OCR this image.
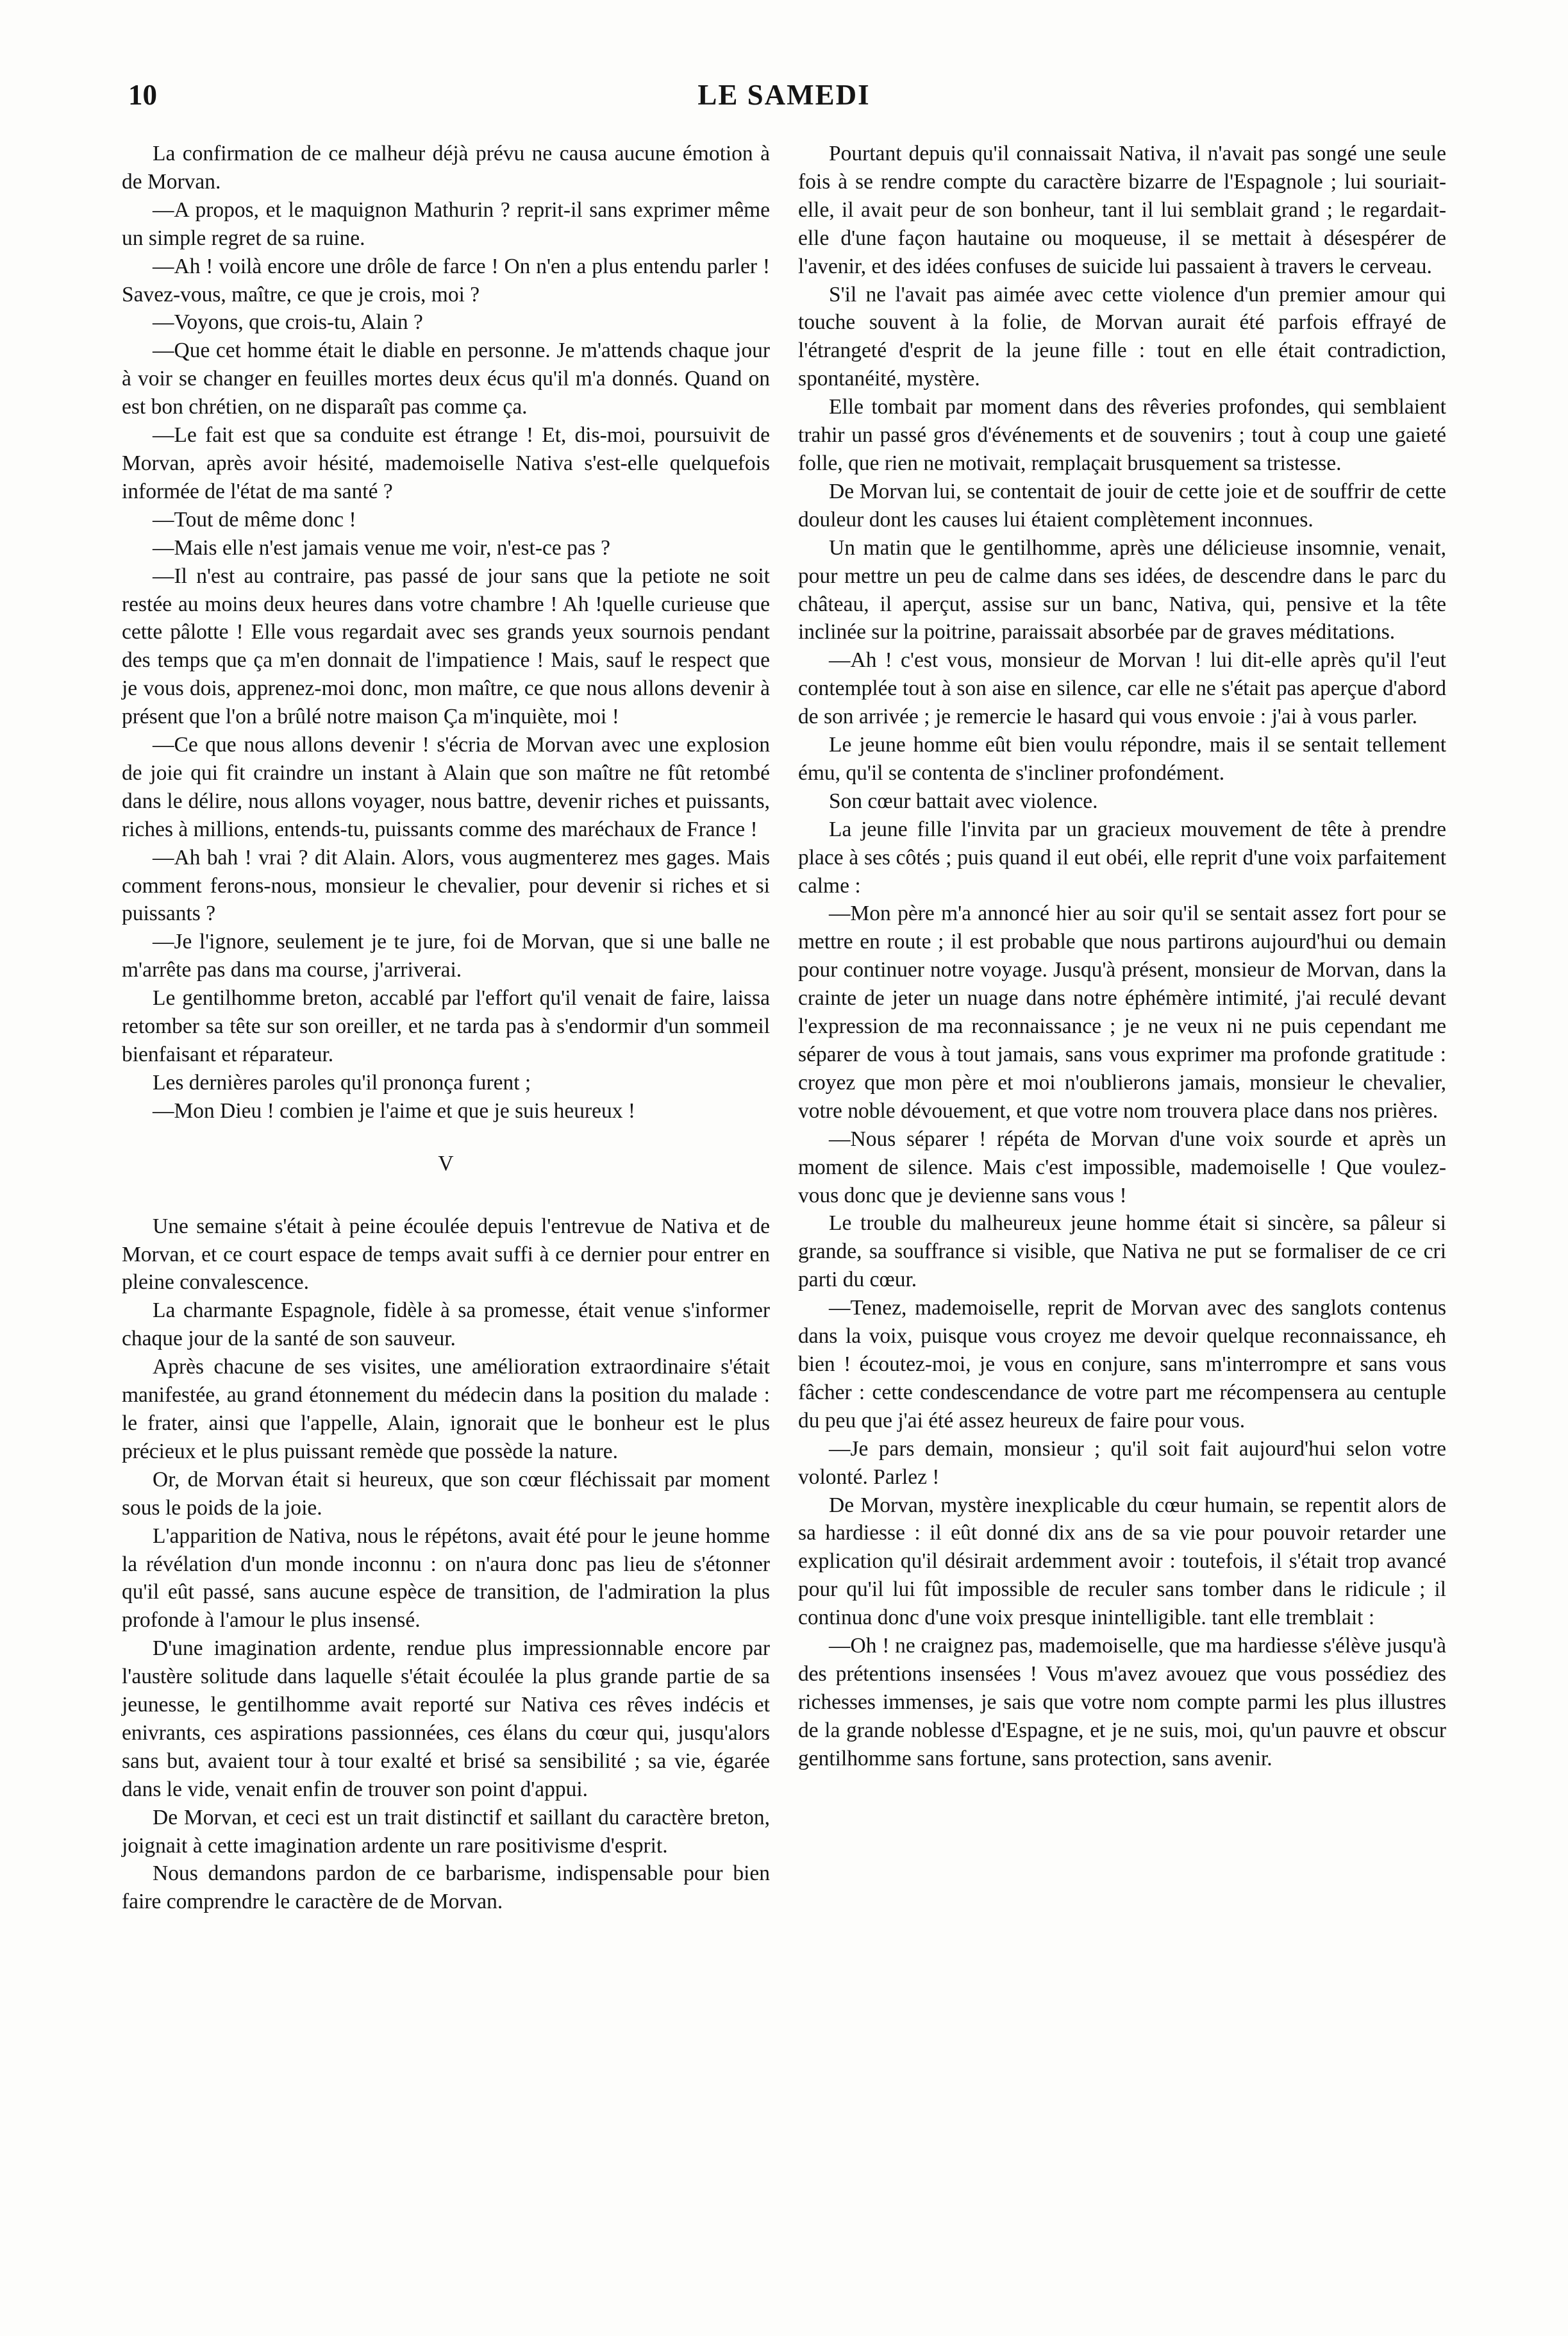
10	LE SAMEDI

La confirmation de ce malheur déjà prévu ne causa aucune émotion à de Morvan.

—A propos, et le maquignon Mathurin ? reprit-il sans exprimer même un simple regret de sa ruine.

—Ah ! voilà encore une drôle de farce ! On n'en a plus entendu parler ! Savez-vous, maître, ce que je crois, moi ?

—Voyons, que crois-tu, Alain ?

—Que cet homme était le diable en personne. Je m'attends chaque jour à voir se changer en feuilles mortes deux écus qu'il m'a donnés. Quand on est bon chrétien, on ne disparaît pas comme ça.

—Le fait est que sa conduite est étrange ! Et, dis-moi, poursuivit de Morvan, après avoir hésité, mademoiselle Nativa s'est-elle quelquefois informée de l'état de ma santé ?

—Tout de même donc !

—Mais elle n'est jamais venue me voir, n'est-ce pas ?

—Il n'est au contraire, pas passé de jour sans que la petiote ne soit restée au moins deux heures dans votre chambre ! Ah !quelle curieuse que cette pâlotte ! Elle vous regardait avec ses grands yeux sournois pendant des temps que ça m'en donnait de l'impatience ! Mais, sauf le respect que je vous dois, apprenez-moi donc, mon maître, ce que nous allons devenir à présent que l'on a brûlé notre maison Ça m'inquiète, moi !

—Ce que nous allons devenir ! s'écria de Morvan avec une explosion de joie qui fit craindre un instant à Alain que son maître ne fût retombé dans le délire, nous allons voyager, nous battre, devenir riches et puissants, riches à millions, entends-tu, puissants comme des maréchaux de France !

—Ah bah ! vrai ? dit Alain. Alors, vous augmenterez mes gages. Mais comment ferons-nous, monsieur le chevalier, pour devenir si riches et si puissants ?

—Je l'ignore, seulement je te jure, foi de Morvan, que si une balle ne m'arrête pas dans ma course, j'arriverai.

Le gentilhomme breton, accablé par l'effort qu'il venait de faire, laissa retomber sa tête sur son oreiller, et ne tarda pas à s'endormir d'un sommeil bienfaisant et réparateur.

Les dernières paroles qu'il prononça furent ;

—Mon Dieu ! combien je l'aime et que je suis heureux !

V

Une semaine s'était à peine écoulée depuis l'entrevue de Nativa et de Morvan, et ce court espace de temps avait suffi à ce dernier pour entrer en pleine convalescence.

La charmante Espagnole, fidèle à sa promesse, était venue s'informer chaque jour de la santé de son sauveur.

Après chacune de ses visites, une amélioration extraordinaire s'était manifestée, au grand étonnement du médecin dans la position du malade : le frater, ainsi que l'appelle, Alain, ignorait que le bonheur est le plus précieux et le plus puissant remède que possède la nature.

Or, de Morvan était si heureux, que son cœur fléchissait par moment sous le poids de la joie.

L'apparition de Nativa, nous le répétons, avait été pour le jeune homme la révélation d'un monde inconnu : on n'aura donc pas lieu de s'étonner qu'il eût passé, sans aucune espèce de transition, de l'admiration la plus profonde à l'amour le plus insensé.

D'une imagination ardente, rendue plus impressionnable encore par l'austère solitude dans laquelle s'était écoulée la plus grande partie de sa jeunesse, le gentilhomme avait reporté sur Nativa ces rêves indécis et enivrants, ces aspirations passionnées, ces élans du cœur qui, jusqu'alors sans but, avaient tour à tour exalté et brisé sa sensibilité ; sa vie, égarée dans le vide, venait enfin de trouver son point d'appui.

De Morvan, et ceci est un trait distinctif et saillant du caractère breton, joignait à cette imagination ardente un rare positivisme d'esprit.

Nous demandons pardon de ce barbarisme, indispensable pour bien faire comprendre le caractère de de Morvan.

Pourtant depuis qu'il connaissait Nativa, il n'avait pas songé une seule fois à se rendre compte du caractère bizarre de l'Espagnole ; lui souriait-elle, il avait peur de son bonheur, tant il lui semblait grand ; le regardait-elle d'une façon hautaine ou moqueuse, il se mettait à désespérer de l'avenir, et des idées confuses de suicide lui passaient à travers le cerveau.

S'il ne l'avait pas aimée avec cette violence d'un premier amour qui touche souvent à la folie, de Morvan aurait été parfois effrayé de l'étrangeté d'esprit de la jeune fille : tout en elle était contradiction, spontanéité, mystère.

Elle tombait par moment dans des rêveries profondes, qui semblaient trahir un passé gros d'événements et de souvenirs ; tout à coup une gaieté folle, que rien ne motivait, remplaçait brusquement sa tristesse.

De Morvan lui, se contentait de jouir de cette joie et de souffrir de cette douleur dont les causes lui étaient complètement inconnues.

Un matin que le gentilhomme, après une délicieuse insomnie, venait, pour mettre un peu de calme dans ses idées, de descendre dans le parc du château, il aperçut, assise sur un banc, Nativa, qui, pensive et la tête inclinée sur la poitrine, paraissait absorbée par de graves méditations.

—Ah ! c'est vous, monsieur de Morvan ! lui dit-elle après qu'il l'eut contemplée tout à son aise en silence, car elle ne s'était pas aperçue d'abord de son arrivée ; je remercie le hasard qui vous envoie : j'ai à vous parler.

Le jeune homme eût bien voulu répondre, mais il se sentait tellement ému, qu'il se contenta de s'incliner profondément.

Son cœur battait avec violence.

La jeune fille l'invita par un gracieux mouvement de tête à prendre place à ses côtés ; puis quand il eut obéi, elle reprit d'une voix parfaitement calme :

—Mon père m'a annoncé hier au soir qu'il se sentait assez fort pour se mettre en route ; il est probable que nous partirons aujourd'hui ou demain pour continuer notre voyage. Jusqu'à présent, monsieur de Morvan, dans la crainte de jeter un nuage dans notre éphémère intimité, j'ai reculé devant l'expression de ma reconnaissance ; je ne veux ni ne puis cependant me séparer de vous à tout jamais, sans vous exprimer ma profonde gratitude : croyez que mon père et moi n'oublierons jamais, monsieur le chevalier, votre noble dévouement, et que votre nom trouvera place dans nos prières.

—Nous séparer ! répéta de Morvan d'une voix sourde et après un moment de silence. Mais c'est impossible, mademoiselle ! Que voulez-vous donc que je devienne sans vous !

Le trouble du malheureux jeune homme était si sincère, sa pâleur si grande, sa souffrance si visible, que Nativa ne put se formaliser de ce cri parti du cœur.

—Tenez, mademoiselle, reprit de Morvan avec des sanglots contenus dans la voix, puisque vous croyez me devoir quelque reconnaissance, eh bien ! écoutez-moi, je vous en conjure, sans m'interrompre et sans vous fâcher : cette condescendance de votre part me récompensera au centuple du peu que j'ai été assez heureux de faire pour vous.

—Je pars demain, monsieur ; qu'il soit fait aujourd'hui selon votre volonté. Parlez !

De Morvan, mystère inexplicable du cœur humain, se repentit alors de sa hardiesse : il eût donné dix ans de sa vie pour pouvoir retarder une explication qu'il désirait ardemment avoir : toutefois, il s'était trop avancé pour qu'il lui fût impossible de reculer sans tomber dans le ridicule ; il continua donc d'une voix presque inintelligible. tant elle tremblait :

—Oh ! ne craignez pas, mademoiselle, que ma hardiesse s'élève jusqu'à des prétentions insensées ! Vous m'avez avouez que vous possédiez des richesses immenses, je sais que votre nom compte parmi les plus illustres de la grande noblesse d'Espagne, et je ne suis, moi, qu'un pauvre et obscur gentilhomme sans fortune, sans protection, sans avenir.
